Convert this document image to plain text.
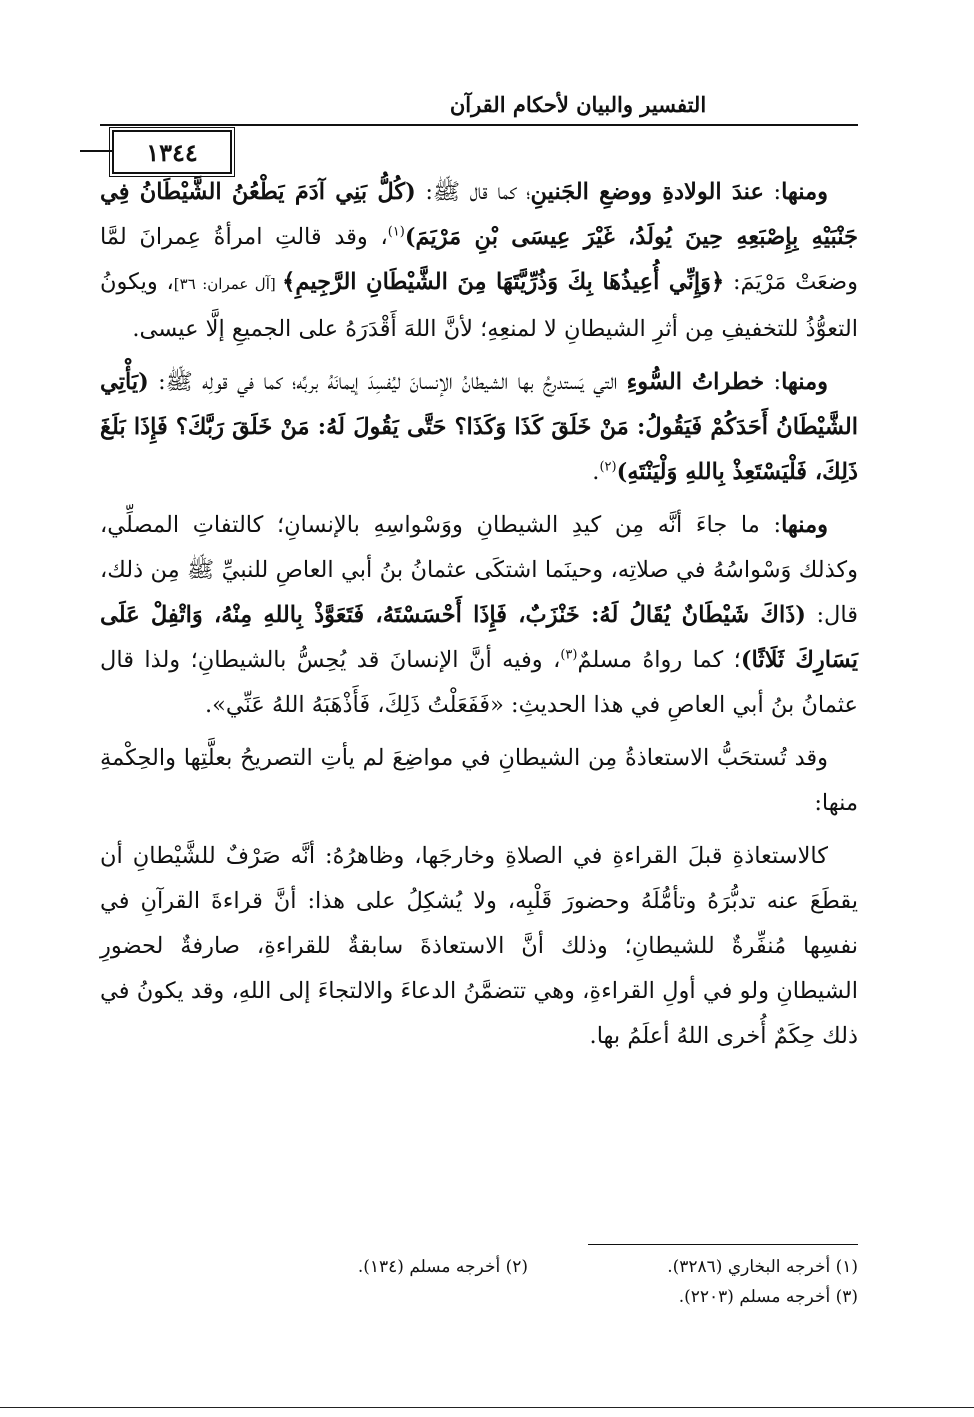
التفسير والبيان لأحكام القرآن
١٣٤٤

ومنها: عندَ الولادةِ ووضعِ الجَنينِ؛ كما قال ﷺ: (كُلُّ بَنِي آدَمَ يَطْعُنُ الشَّيْطَانُ فِي جَنْبَيْهِ بِإِصْبَعِهِ حِينَ يُولَدُ، غَيْرَ عِيسَى بْنِ مَرْيَمَ)$^{(١)}$، وقد قالتِ امرأةُ عِمرانَ لمَّا وضعَتْ مَرْيَمَ: ﴿وَإِنِّي أُعِيذُهَا بِكَ وَذُرِّيَّتَهَا مِنَ الشَّيْطَانِ الرَّجِيمِ﴾ [آل عمران: ٣٦]، ويكونُ التعوُّذُ للتخفيفِ مِن أثرِ الشيطانِ لا لمنعِهِ؛ لأنَّ اللهَ أَقْدَرَهُ على الجميعِ إلَّا عيسى.

ومنها: خطراتُ السُّوءِ التي يَستدرِجُ بها الشيطانُ الإنسانَ ليُفسِدَ إيمانَهُ بربِّه؛ كما في قولِه ﷺ: (يَأْتِي الشَّيْطَانُ أَحَدَكُمْ فَيَقُولُ: مَنْ خَلَقَ كَذَا وَكَذَا؟ حَتَّى يَقُولَ لَهُ: مَنْ خَلَقَ رَبَّكَ؟ فَإِذَا بَلَغَ ذَلِكَ، فَلْيَسْتَعِذْ بِاللهِ وَلْيَنْتَهِ)$^{(٢)}$.

ومنها: ما جاءَ أنَّه مِن كيدِ الشيطانِ ووَسْواسِهِ بالإنسانِ؛ كالتفاتِ المصلِّي، وكذلك وَسْواسُهُ في صلاتِه، وحينَما اشتكَى عثمانُ بنُ أبي العاصِ للنبيِّ ﷺ مِن ذلك، قال: (ذَاكَ شَيْطَانٌ يُقَالُ لَهُ: خَنْزَبٌ، فَإِذَا أَحْسَسْتَهُ، فَتَعَوَّذْ بِاللهِ مِنْهُ، وَاتْفِلْ عَلَى يَسَارِكَ ثَلَاثًا)؛ كما رواهُ مسلمٌ$^{(٣)}$، وفيه أنَّ الإنسانَ قد يُحِسُّ بالشيطانِ؛ ولذا قال عثمانُ بنُ أبي العاصِ في هذا الحديثِ: «فَفَعَلْتُ ذَلِكَ، فَأَذْهَبَهُ اللهُ عَنِّي».

وقد تُستحَبُّ الاستعاذةُ مِن الشيطانِ في مواضِعَ لم يأتِ التصريحُ بعلَّتِها والحِكْمةِ منها:

كالاستعاذةِ قبلَ القراءةِ في الصلاةِ وخارجَها، وظاهرُهُ: أنَّه صَرْفٌ للشَّيْطانِ أن يقطَعَ عنه تدبُّرَهُ وتأمُّلَهُ وحضورَ قَلْبِه، ولا يُشكِلُ على هذا: أنَّ قراءةَ القرآنِ في نفسِها مُنفِّرةٌ للشيطانِ؛ وذلك أنَّ الاستعاذةَ سابقةٌ للقراءةِ، صارفةٌ لحضورِ الشيطانِ ولو في أولِ القراءةِ، وهي تتضمَّنُ الدعاءَ والالتجاءَ إلى اللهِ، وقد يكونُ في ذلك حِكَمٌ أُخرى اللهُ أعلَمُ بها.

(١) أخرجه البخاري (٣٢٨٦).
(٢) أخرجه مسلم (١٣٤).
(٣) أخرجه مسلم (٢٢٠٣).
